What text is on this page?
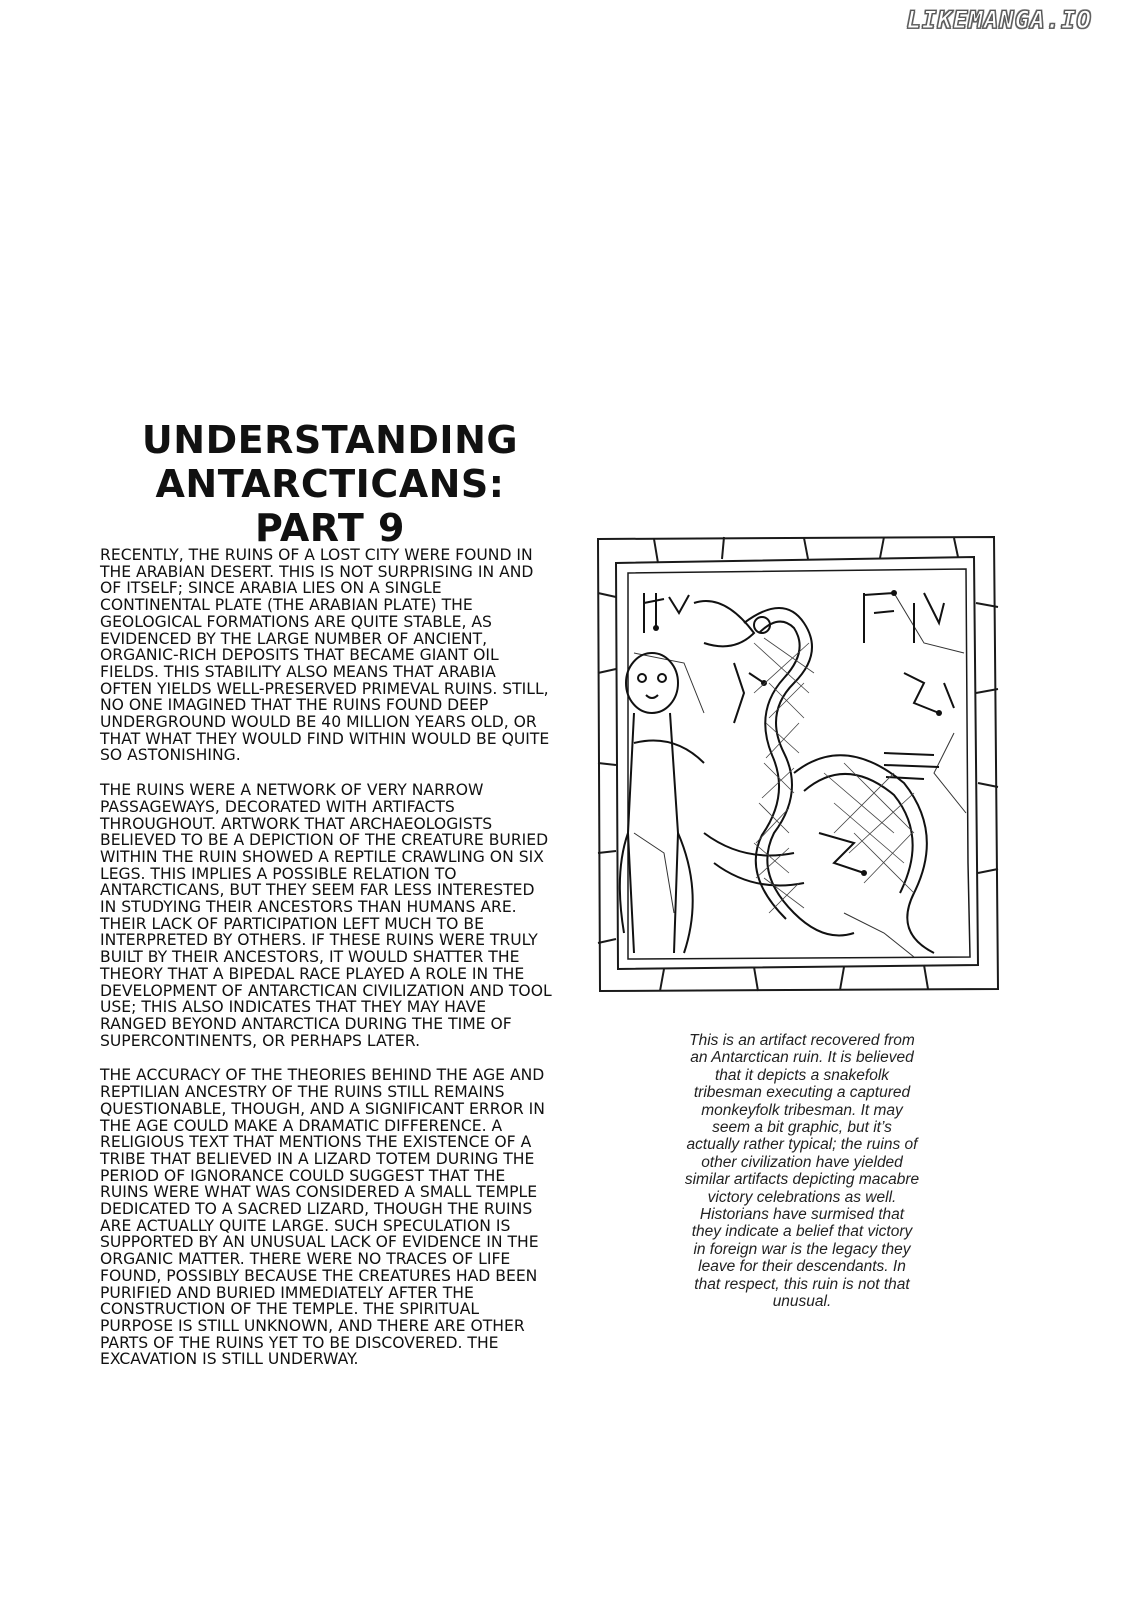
LIKEMANGA.IO
UNDERSTANDING
ANTARCTICANS: PART 9

RECENTLY, THE RUINS OF A LOST CITY WERE FOUND IN THE ARABIAN DESERT. THIS IS NOT SURPRISING IN AND OF ITSELF; SINCE ARABIA LIES ON A SINGLE CONTINENTAL PLATE (THE ARABIAN PLATE) THE GEOLOGICAL FORMATIONS ARE QUITE STABLE, AS EVIDENCED BY THE LARGE NUMBER OF ANCIENT, ORGANIC-RICH DEPOSITS THAT BECAME GIANT OIL FIELDS. THIS STABILITY ALSO MEANS THAT ARABIA OFTEN YIELDS WELL-PRESERVED PRIMEVAL RUINS. STILL, NO ONE IMAGINED THAT THE RUINS FOUND DEEP UNDERGROUND WOULD BE 40 MILLION YEARS OLD, OR THAT WHAT THEY WOULD FIND WITHIN WOULD BE QUITE SO ASTONISHING.

THE RUINS WERE A NETWORK OF VERY NARROW PASSAGEWAYS, DECORATED WITH ARTIFACTS THROUGHOUT. ARTWORK THAT ARCHAEOLOGISTS BELIEVED TO BE A DEPICTION OF THE CREATURE BURIED WITHIN THE RUIN SHOWED A REPTILE CRAWLING ON SIX LEGS. THIS IMPLIES A POSSIBLE RELATION TO ANTARCTICANS, BUT THEY SEEM FAR LESS INTERESTED IN STUDYING THEIR ANCESTORS THAN HUMANS ARE. THEIR LACK OF PARTICIPATION LEFT MUCH TO BE INTERPRETED BY OTHERS. IF THESE RUINS WERE TRULY BUILT BY THEIR ANCESTORS, IT WOULD SHATTER THE THEORY THAT A BIPEDAL RACE PLAYED A ROLE IN THE DEVELOPMENT OF ANTARCTICAN CIVILIZATION AND TOOL USE; THIS ALSO INDICATES THAT THEY MAY HAVE RANGED BEYOND ANTARCTICA DURING THE TIME OF SUPERCONTINENTS, OR PERHAPS LATER.

THE ACCURACY OF THE THEORIES BEHIND THE AGE AND REPTILIAN ANCESTRY OF THE RUINS STILL REMAINS QUESTIONABLE, THOUGH, AND A SIGNIFICANT ERROR IN THE AGE COULD MAKE A DRAMATIC DIFFERENCE. A RELIGIOUS TEXT THAT MENTIONS THE EXISTENCE OF A TRIBE THAT BELIEVED IN A LIZARD TOTEM DURING THE PERIOD OF IGNORANCE COULD SUGGEST THAT THE RUINS WERE WHAT WAS CONSIDERED A SMALL TEMPLE DEDICATED TO A SACRED LIZARD, THOUGH THE RUINS ARE ACTUALLY QUITE LARGE. SUCH SPECULATION IS SUPPORTED BY AN UNUSUAL LACK OF EVIDENCE IN THE ORGANIC MATTER. THERE WERE NO TRACES OF LIFE FOUND, POSSIBLY BECAUSE THE CREATURES HAD BEEN PURIFIED AND BURIED IMMEDIATELY AFTER THE CONSTRUCTION OF THE TEMPLE. THE SPIRITUAL PURPOSE IS STILL UNKNOWN, AND THERE ARE OTHER PARTS OF THE RUINS YET TO BE DISCOVERED. THE EXCAVATION IS STILL UNDERWAY.

This is an artifact recovered from an Antarctican ruin. It is believed that it depicts a snakefolk tribesman executing a captured monkeyfolk tribesman. It may seem a bit graphic, but it’s actually rather typical; the ruins of other civilization have yielded similar artifacts depicting macabre victory celebrations as well. Historians have surmised that they indicate a belief that victory in foreign war is the legacy they leave for their descendants. In that respect, this ruin is not that unusual.
